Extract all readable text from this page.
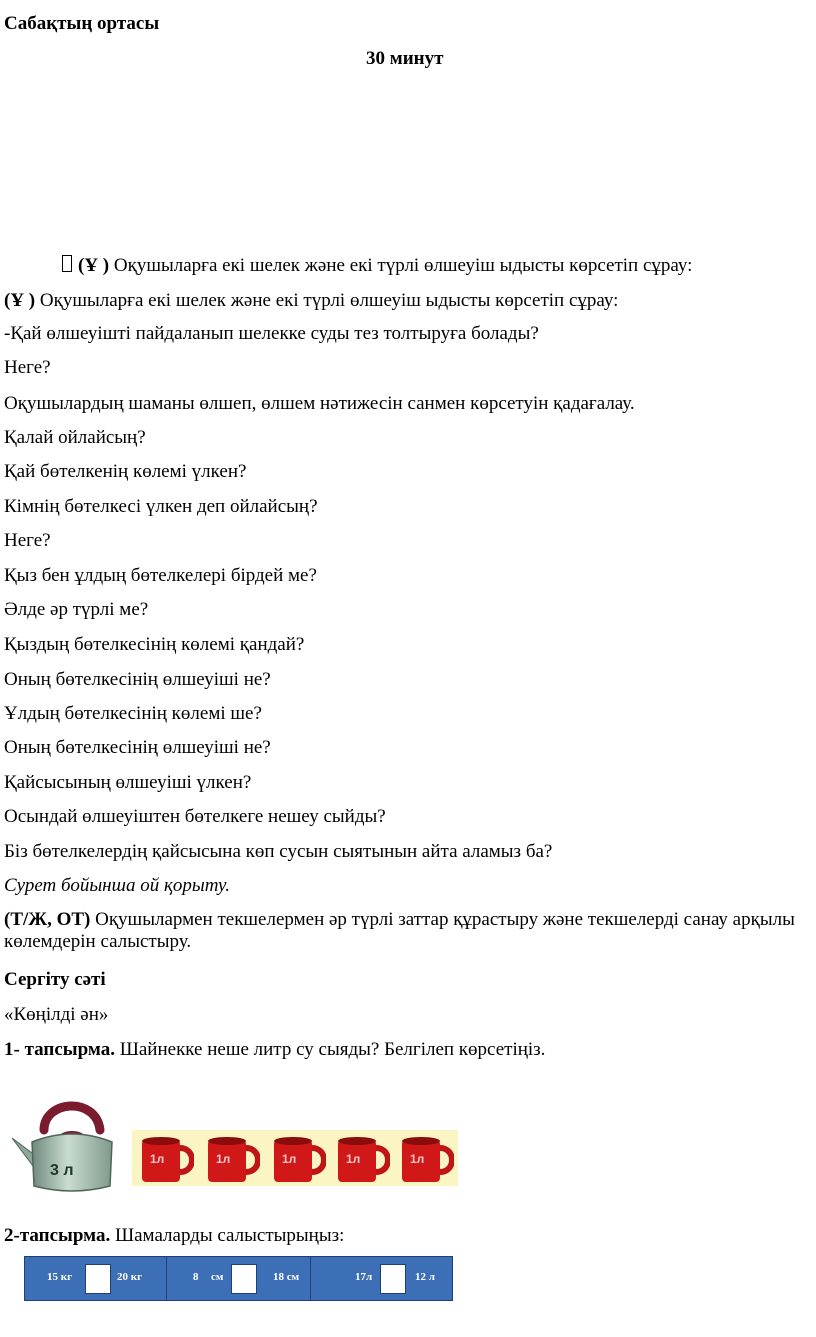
Сабақтың ортасы
30 минут
(Ұ ) Оқушыларға екі шелек және екі түрлі өлшеуіш ыдысты көрсетіп сұрау:
(Ұ ) Оқушыларға екі шелек және екі түрлі өлшеуіш ыдысты көрсетіп сұрау:
-Қай өлшеуішті пайдаланып шелекке суды тез толтыруға болады?
Неге?
Оқушылардың шаманы өлшеп, өлшем нәтижесін санмен көрсетуін қадағалау.
Қалай ойлайсың?
Қай бөтелкенің көлемі үлкен?
Кімнің бөтелкесі үлкен деп ойлайсың?
Неге?
Қыз бен ұлдың бөтелкелері бірдей ме?
Әлде әр түрлі ме?
Қыздың бөтелкесінің көлемі қандай?
Оның бөтелкесінің өлшеуіші не?
Ұлдың бөтелкесінің көлемі ше?
Оның бөтелкесінің өлшеуіші не?
Қайсысының өлшеуіші үлкен?
Осындай өлшеуіштен бөтелкеге нешеу сыйды?
Біз бөтелкелердің қайсысына көп сусын сыятынын айта аламыз ба?
Сурет бойынша ой қорыту.
(Т/Ж, ОТ) Оқушылармен текшелермен әр түрлі заттар құрастыру және текшелерді санау арқылы көлемдерін салыстыру.
Сергіту сәті
«Көңілді ән»
1- тапсырма. Шайнекке неше литр су сыяды? Белгілеп көрсетіңіз.
3 л
1л	1л	1л	1л	1л
2-тапсырма. Шамаларды салыстырыңыз:
15 кг	20 кг	8 см	18 см	17л	12 л
